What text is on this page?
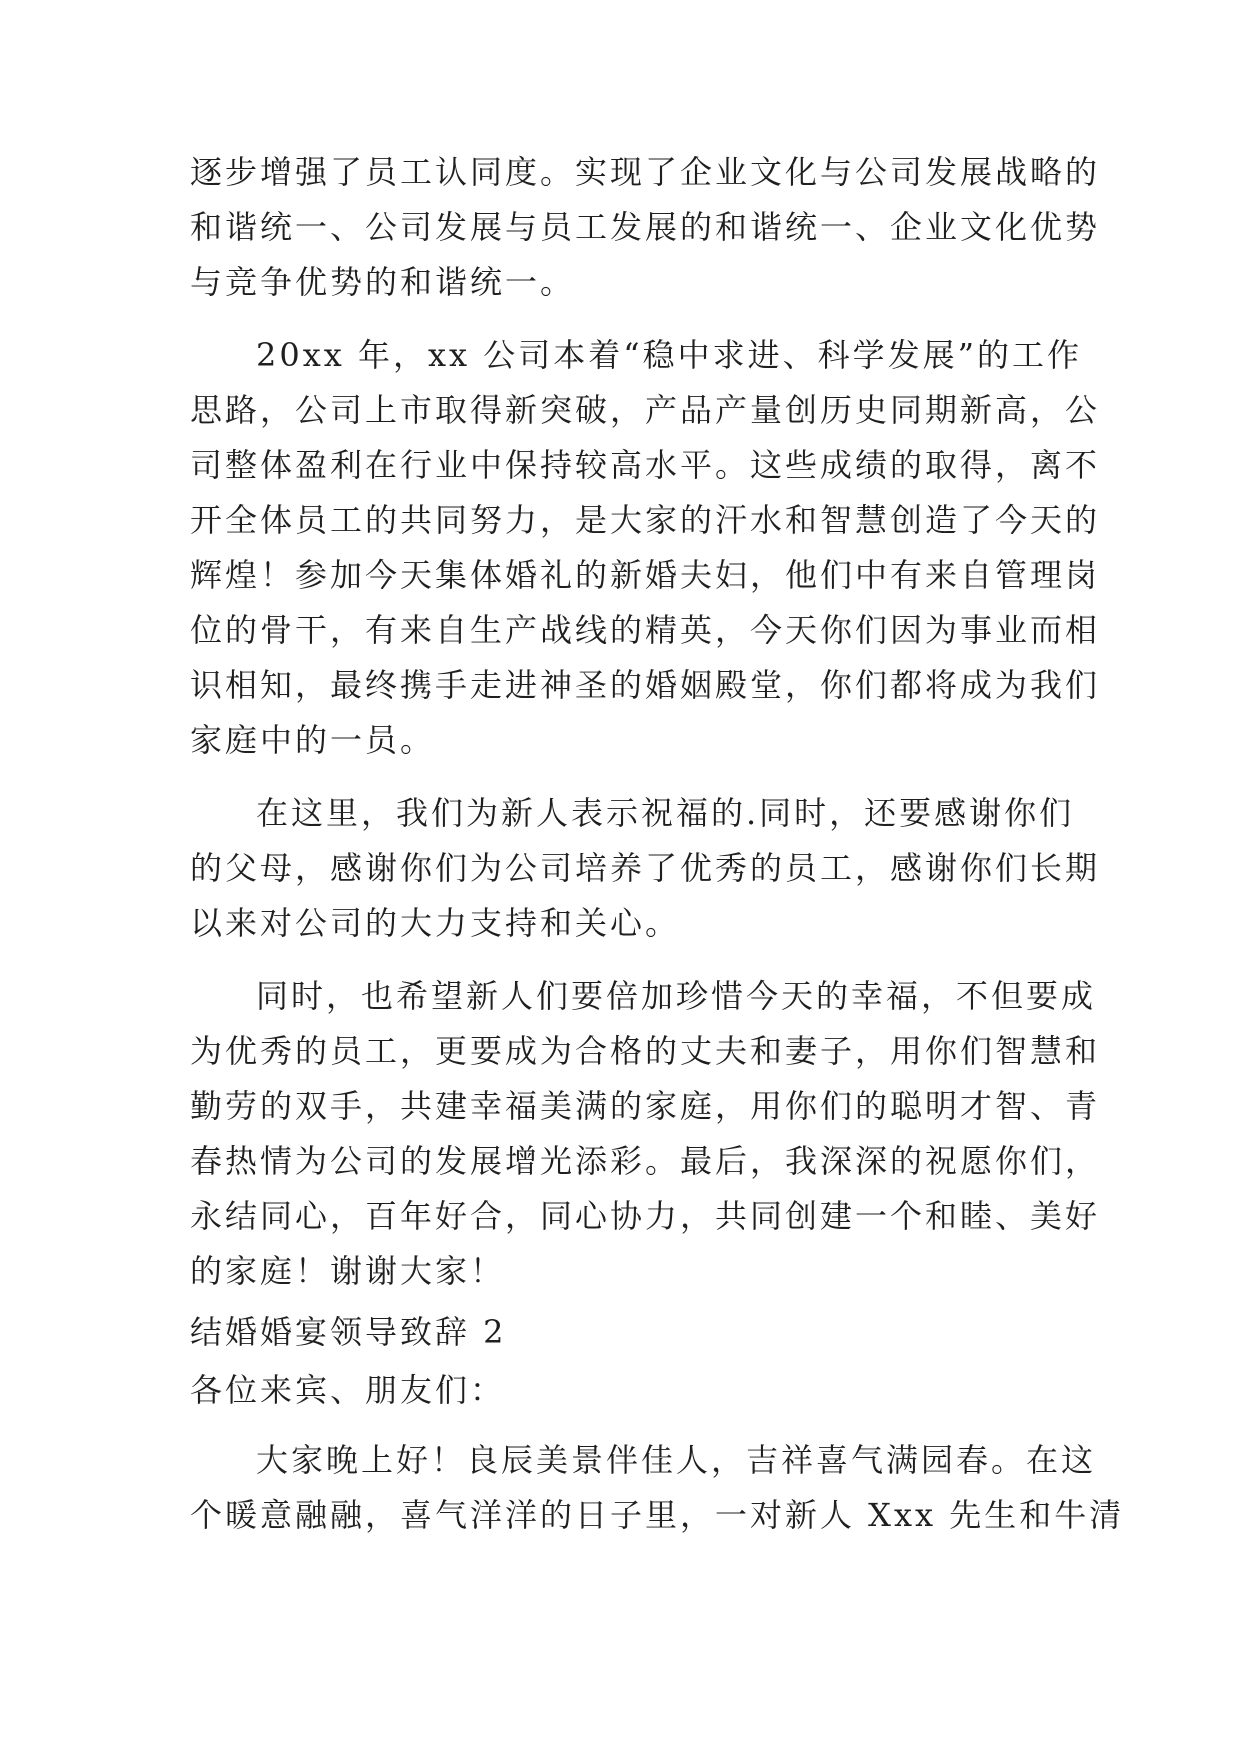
逐步增强了员工认同度。实现了企业文化与公司发展战略的
和谐统一、公司发展与员工发展的和谐统一、企业文化优势
与竞争优势的和谐统一。
20xx 年，xx 公司本着“稳中求进、科学发展”的工作
思路，公司上市取得新突破，产品产量创历史同期新高，公
司整体盈利在行业中保持较高水平。这些成绩的取得，离不
开全体员工的共同努力，是大家的汗水和智慧创造了今天的
辉煌！参加今天集体婚礼的新婚夫妇，他们中有来自管理岗
位的骨干，有来自生产战线的精英，今天你们因为事业而相
识相知，最终携手走进神圣的婚姻殿堂，你们都将成为我们
家庭中的一员。
在这里，我们为新人表示祝福的.同时，还要感谢你们
的父母，感谢你们为公司培养了优秀的员工，感谢你们长期
以来对公司的大力支持和关心。
同时，也希望新人们要倍加珍惜今天的幸福，不但要成
为优秀的员工，更要成为合格的丈夫和妻子，用你们智慧和
勤劳的双手，共建幸福美满的家庭，用你们的聪明才智、青
春热情为公司的发展增光添彩。最后，我深深的祝愿你们，
永结同心，百年好合，同心协力，共同创建一个和睦、美好
的家庭！谢谢大家！
结婚婚宴领导致辞 2
各位来宾、朋友们：
大家晚上好！良辰美景伴佳人，吉祥喜气满园春。在这
个暖意融融，喜气洋洋的日子里，一对新人 Xxx 先生和牛清
